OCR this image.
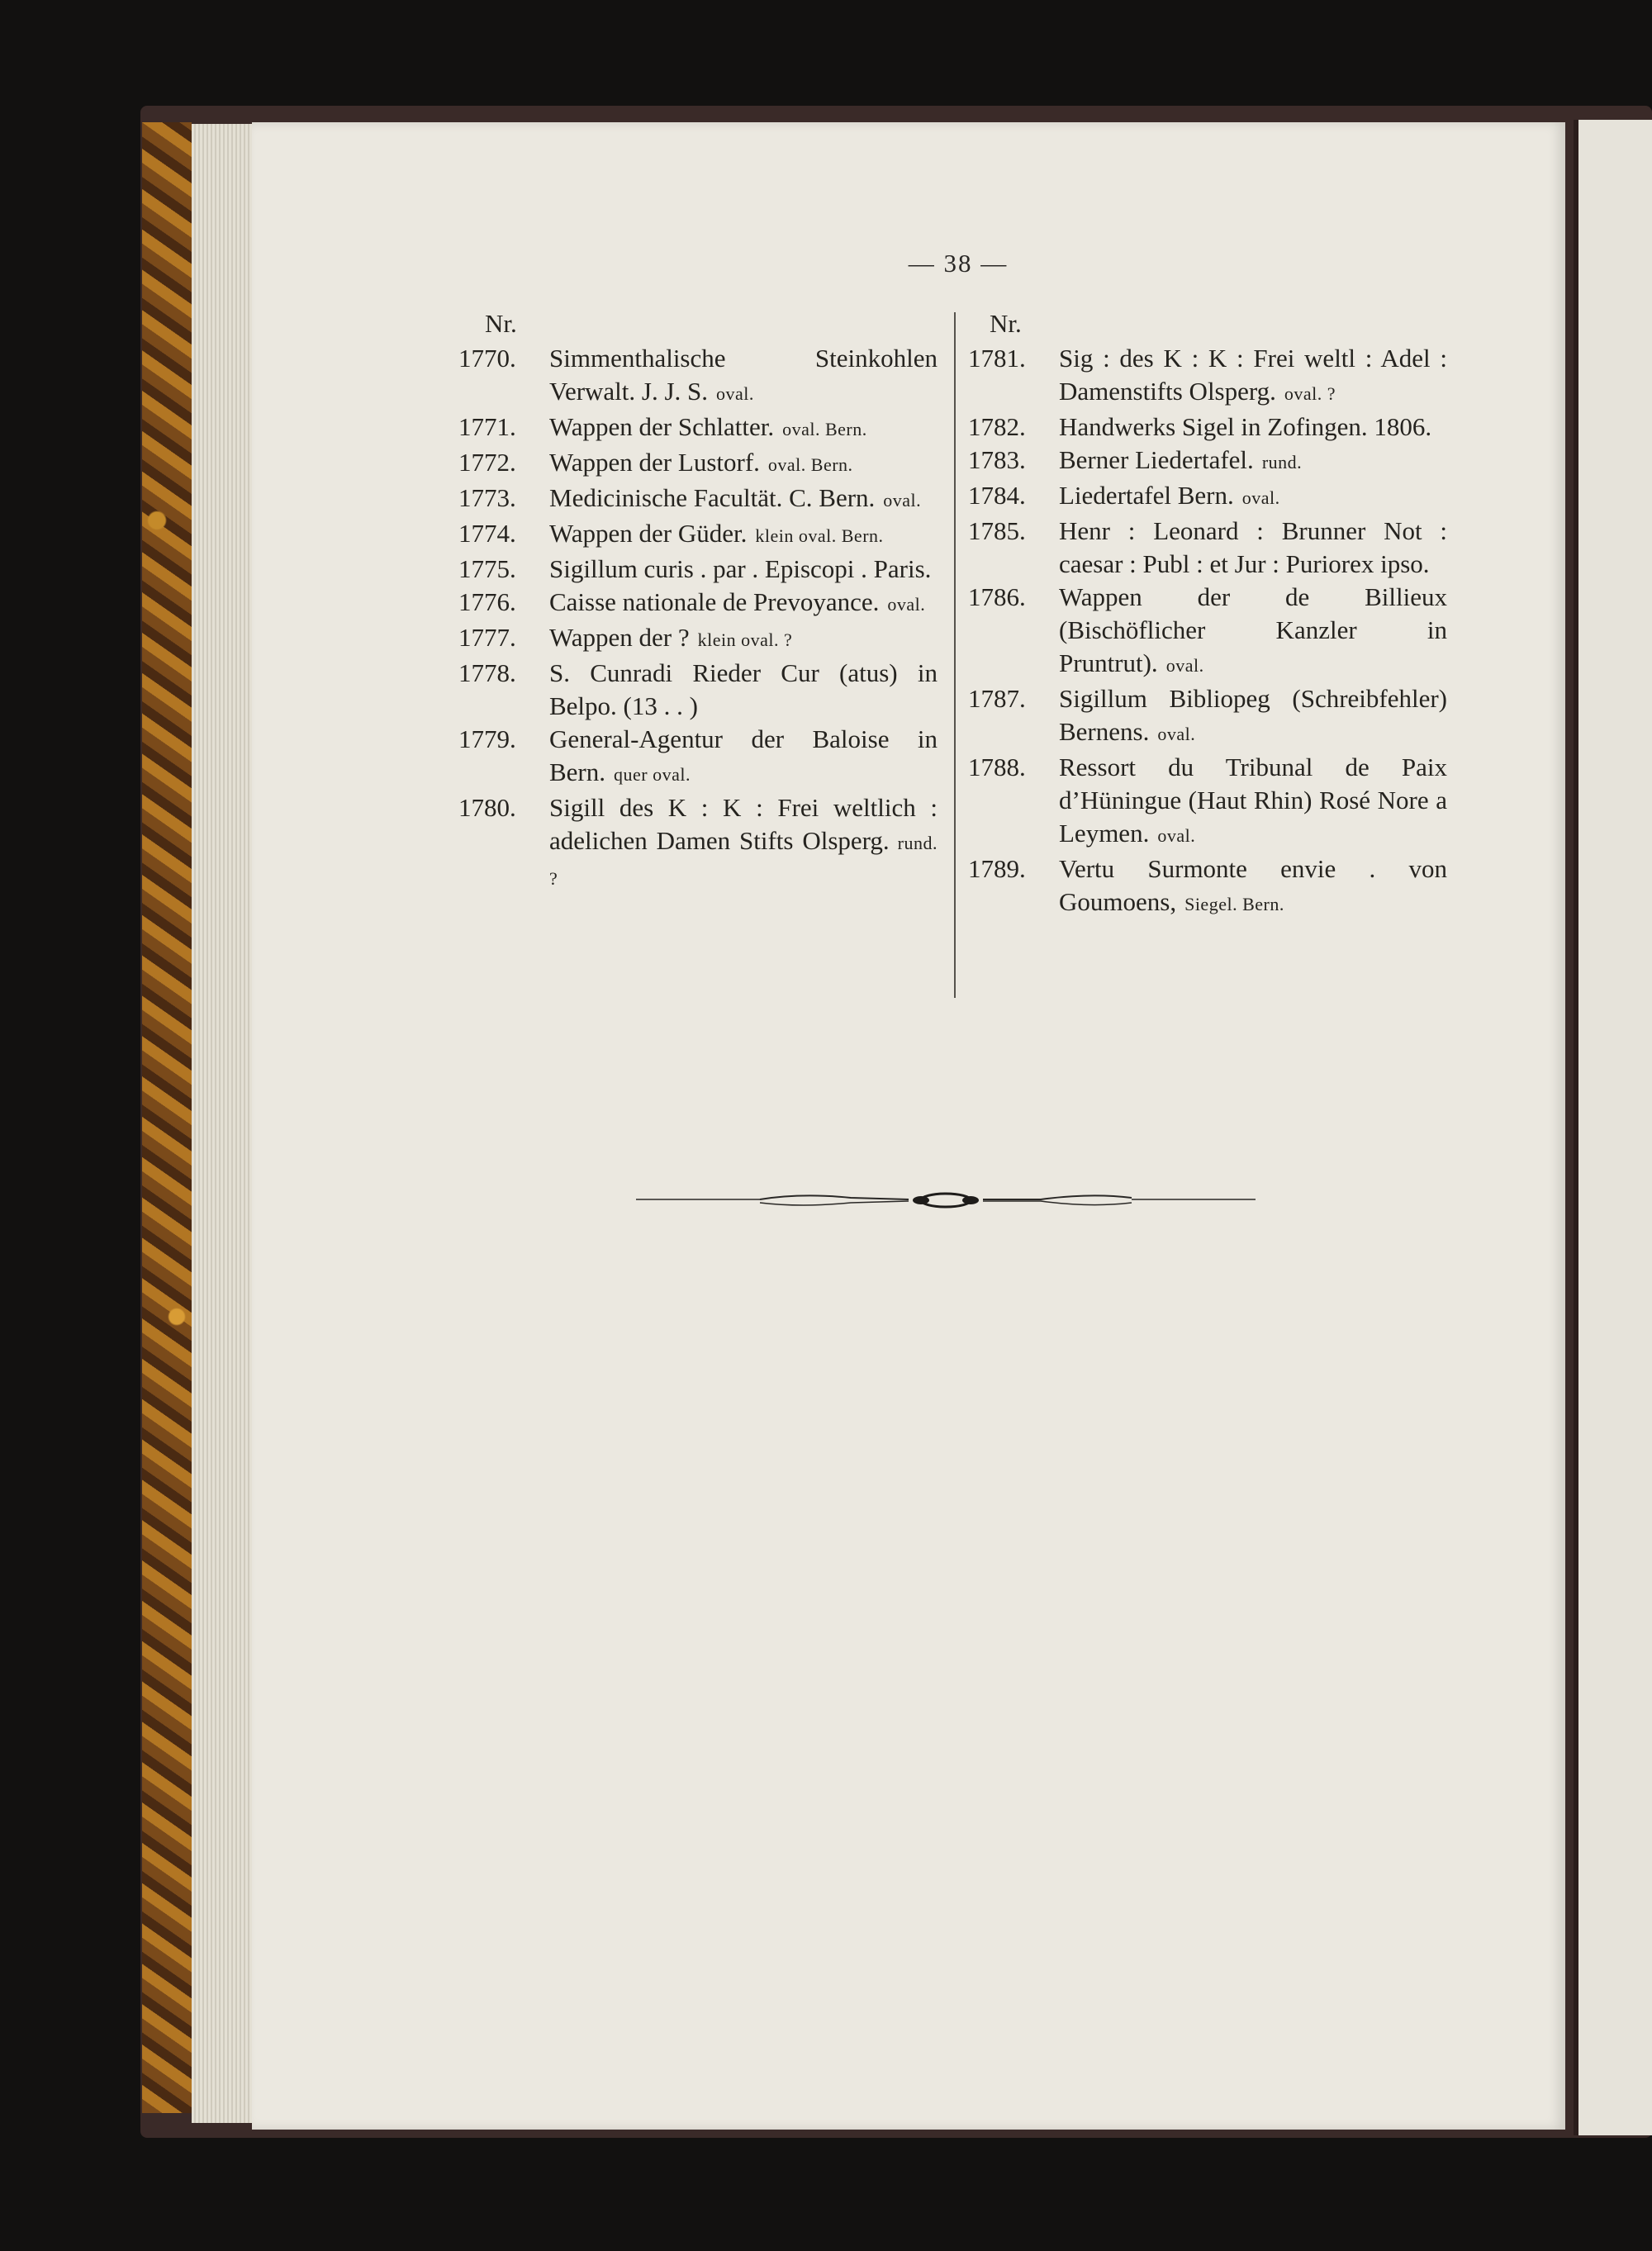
— 38 —
Nr.
1770.	Simmenthalische Steinkohlen Verwalt. J. J. S. oval.
1771.	Wappen der Schlatter. oval. Bern.
1772.	Wappen der Lustorf. oval. Bern.
1773.	Medicinische Facultät. C. Bern. oval.
1774.	Wappen der Güder. klein oval. Bern.
1775.	Sigillum curis . par . Episcopi . Paris.
1776.	Caisse nationale de Prevoyance. oval.
1777.	Wappen der ? klein oval. ?
1778.	S. Cunradi Rieder Cur (atus) in Belpo. (13 . . )
1779.	General-Agentur der Baloise in Bern. quer oval.
1780.	Sigill des K : K : Frei weltlich : adelichen Damen Stifts Olsperg. rund. ?
Nr.
1781.	Sig : des K : K : Frei weltl : Adel : Damenstifts Olsperg. oval. ?
1782.	Handwerks Sigel in Zofingen. 1806.
1783.	Berner Liedertafel. rund.
1784.	Liedertafel Bern. oval.
1785.	Henr : Leonard : Brunner Not : caesar : Publ : et Jur : Puriorex ipso.
1786.	Wappen der de Billieux (Bischöflicher Kanzler in Pruntrut). oval.
1787.	Sigillum Bibliopeg (Schreibfehler) Bernens. oval.
1788.	Ressort du Tribunal de Paix d’Hüningue (Haut Rhin) Rosé Nore a Leymen. oval.
1789.	Vertu Surmonte envie . von Goumoens, Siegel. Bern.
